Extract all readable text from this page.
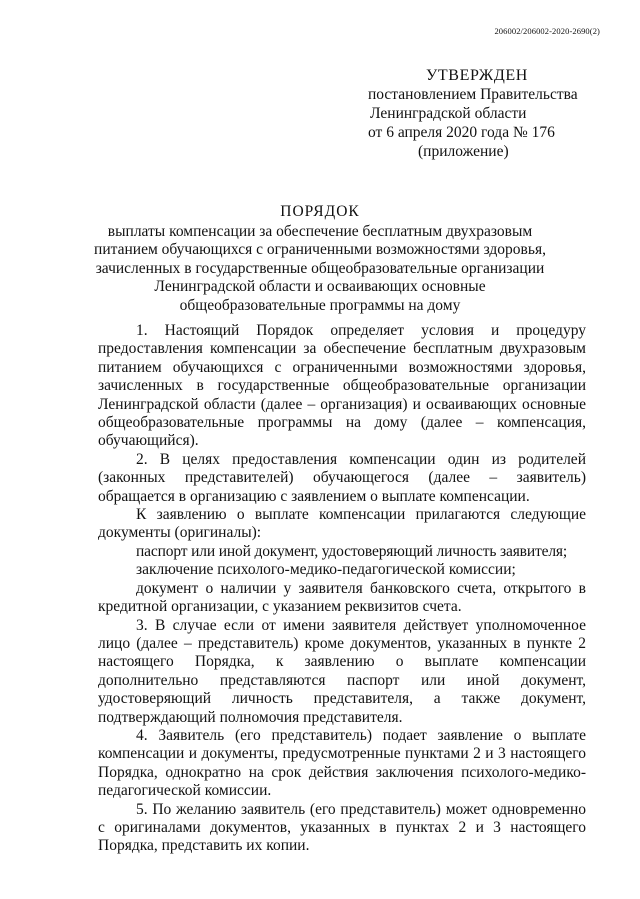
206002/206002-2020-2690(2)
УТВЕРЖДЕН
постановлением Правительства
Ленинградской области
от 6 апреля 2020 года № 176
(приложение)
ПОРЯДОК
выплаты компенсации за обеспечение бесплатным двухразовым
питанием обучающихся с ограниченными возможностями здоровья,
зачисленных в государственные общеобразовательные организации
Ленинградской области и осваивающих основные
общеобразовательные программы на дому

1. Настоящий Порядок определяет условия и процедуру предоставления компенсации за обеспечение бесплатным двухразовым питанием обучающихся с ограниченными возможностями здоровья, зачисленных в государственные общеобразовательные организации Ленинградской области (далее – организация) и осваивающих основные общеобразовательные программы на дому (далее – компенсация, обучающийся).

2. В целях предоставления компенсации один из родителей (законных представителей) обучающегося (далее – заявитель) обращается в организацию с заявлением о выплате компенсации.

К заявлению о выплате компенсации прилагаются следующие документы (оригиналы):

паспорт или иной документ, удостоверяющий личность заявителя;

заключение психолого-медико-педагогической комиссии;

документ о наличии у заявителя банковского счета, открытого в кредитной организации, с указанием реквизитов счета.

3. В случае если от имени заявителя действует уполномоченное лицо (далее – представитель) кроме документов, указанных в пункте 2 настоящего Порядка, к заявлению о выплате компенсации дополнительно представляются паспорт или иной документ, удостоверяющий личность представителя, а также документ, подтверждающий полномочия представителя.

4. Заявитель (его представитель) подает заявление о выплате компенсации и документы, предусмотренные пунктами 2 и 3 настоящего Порядка, однократно на срок действия заключения психолого-медико-педагогической комиссии.

5. По желанию заявитель (его представитель) может одновременно с оригиналами документов, указанных в пунктах 2 и 3 настоящего Порядка, представить их копии.
